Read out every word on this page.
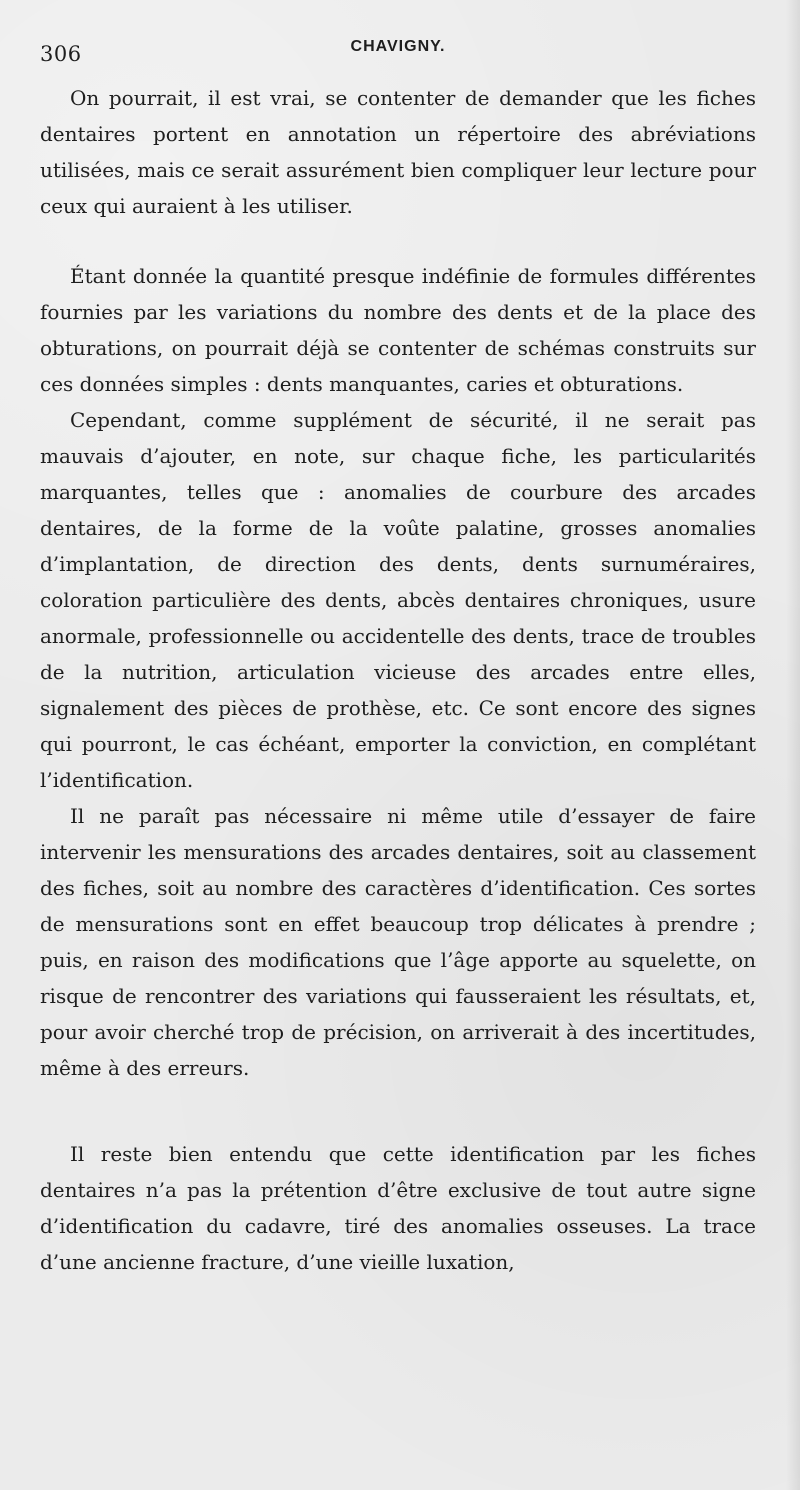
306	CHAVIGNY.

On pourrait, il est vrai, se contenter de demander que les fiches dentaires portent en annotation un répertoire des abréviations utilisées, mais ce serait assurément bien compliquer leur lecture pour ceux qui auraient à les utiliser.

Étant donnée la quantité presque indéfinie de formules différentes fournies par les variations du nombre des dents et de la place des obturations, on pourrait déjà se contenter de schémas construits sur ces données simples : dents manquantes, caries et obturations.

Cependant, comme supplément de sécurité, il ne serait pas mauvais d’ajouter, en note, sur chaque fiche, les particularités marquantes, telles que : anomalies de courbure des arcades dentaires, de la forme de la voûte palatine, grosses anomalies d’implantation, de direction des dents, dents surnuméraires, coloration particulière des dents, abcès dentaires chroniques, usure anormale, professionnelle ou accidentelle des dents, trace de troubles de la nutrition, articulation vicieuse des arcades entre elles, signalement des pièces de prothèse, etc. Ce sont encore des signes qui pourront, le cas échéant, emporter la conviction, en complétant l’identification.

Il ne paraît pas nécessaire ni même utile d’essayer de faire intervenir les mensurations des arcades dentaires, soit au classement des fiches, soit au nombre des caractères d’identification. Ces sortes de mensurations sont en effet beaucoup trop délicates à prendre ; puis, en raison des modifications que l’âge apporte au squelette, on risque de rencontrer des variations qui fausseraient les résultats, et, pour avoir cherché trop de précision, on arriverait à des incertitudes, même à des erreurs.

Il reste bien entendu que cette identification par les fiches dentaires n’a pas la prétention d’être exclusive de tout autre signe d’identification du cadavre, tiré des anomalies osseuses. La trace d’une ancienne fracture, d’une vieille luxation,
